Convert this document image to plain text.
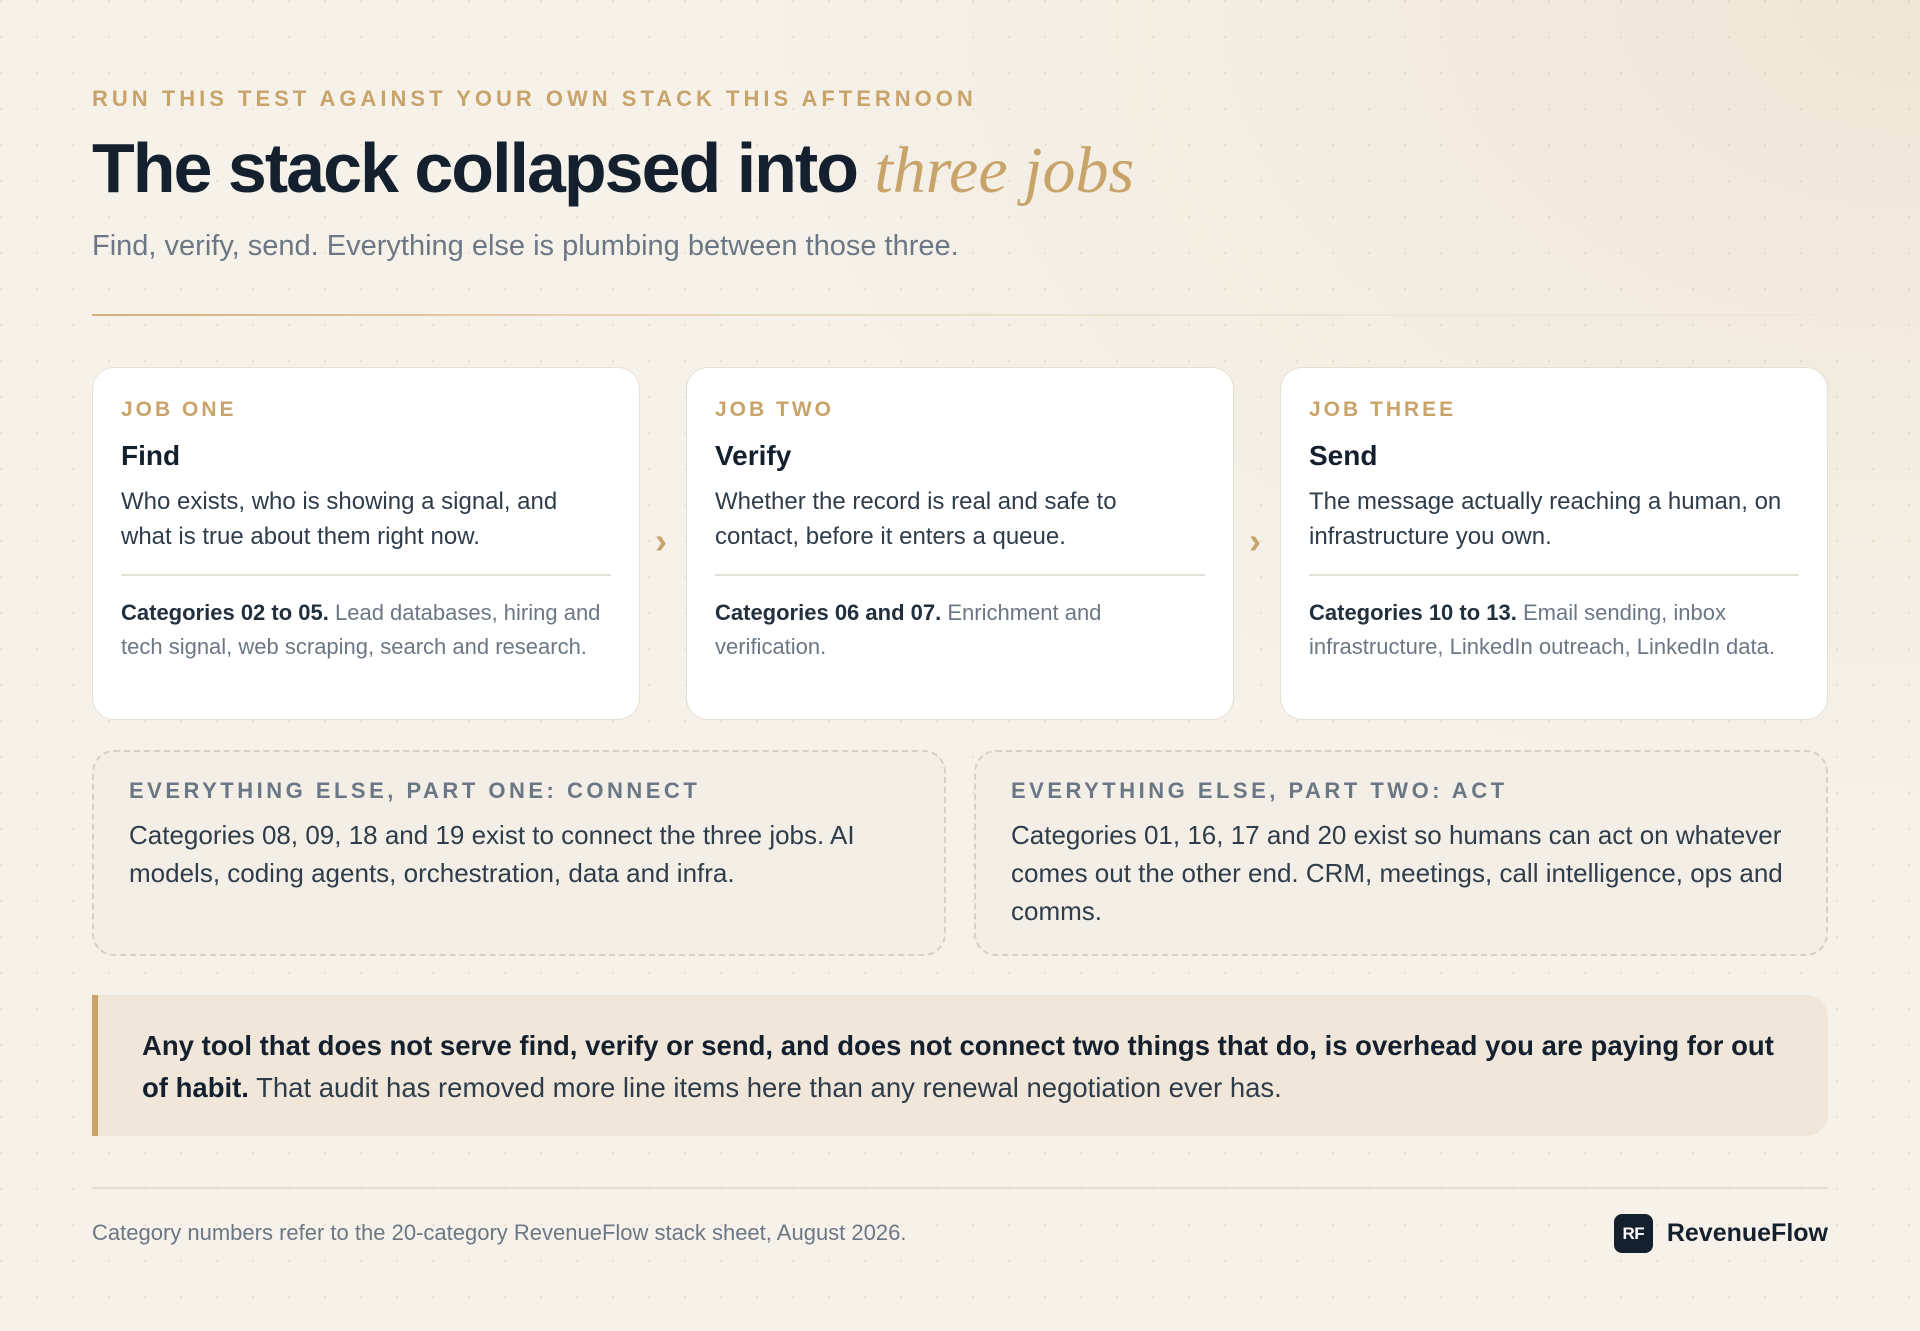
RUN THIS TEST AGAINST YOUR OWN STACK THIS AFTERNOON
The stack collapsed into three jobs
Find, verify, send. Everything else is plumbing between those three.
JOB ONE
Find
Who exists, who is showing a signal, and what is true about them right now.
Categories 02 to 05. Lead databases, hiring and tech signal, web scraping, search and research.
›
JOB TWO
Verify
Whether the record is real and safe to contact, before it enters a queue.
Categories 06 and 07. Enrichment and verification.
›
JOB THREE
Send
The message actually reaching a human, on infrastructure you own.
Categories 10 to 13. Email sending, inbox infrastructure, LinkedIn outreach, LinkedIn data.
EVERYTHING ELSE, PART ONE: CONNECT
Categories 08, 09, 18 and 19 exist to connect the three jobs. AI models, coding agents, orchestration, data and infra.
EVERYTHING ELSE, PART TWO: ACT
Categories 01, 16, 17 and 20 exist so humans can act on whatever comes out the other end. CRM, meetings, call intelligence, ops and comms.
Any tool that does not serve find, verify or send, and does not connect two things that do, is overhead you are paying for out of habit. That audit has removed more line items here than any renewal negotiation ever has.
Category numbers refer to the 20-category RevenueFlow stack sheet, August 2026.	RF RevenueFlow
